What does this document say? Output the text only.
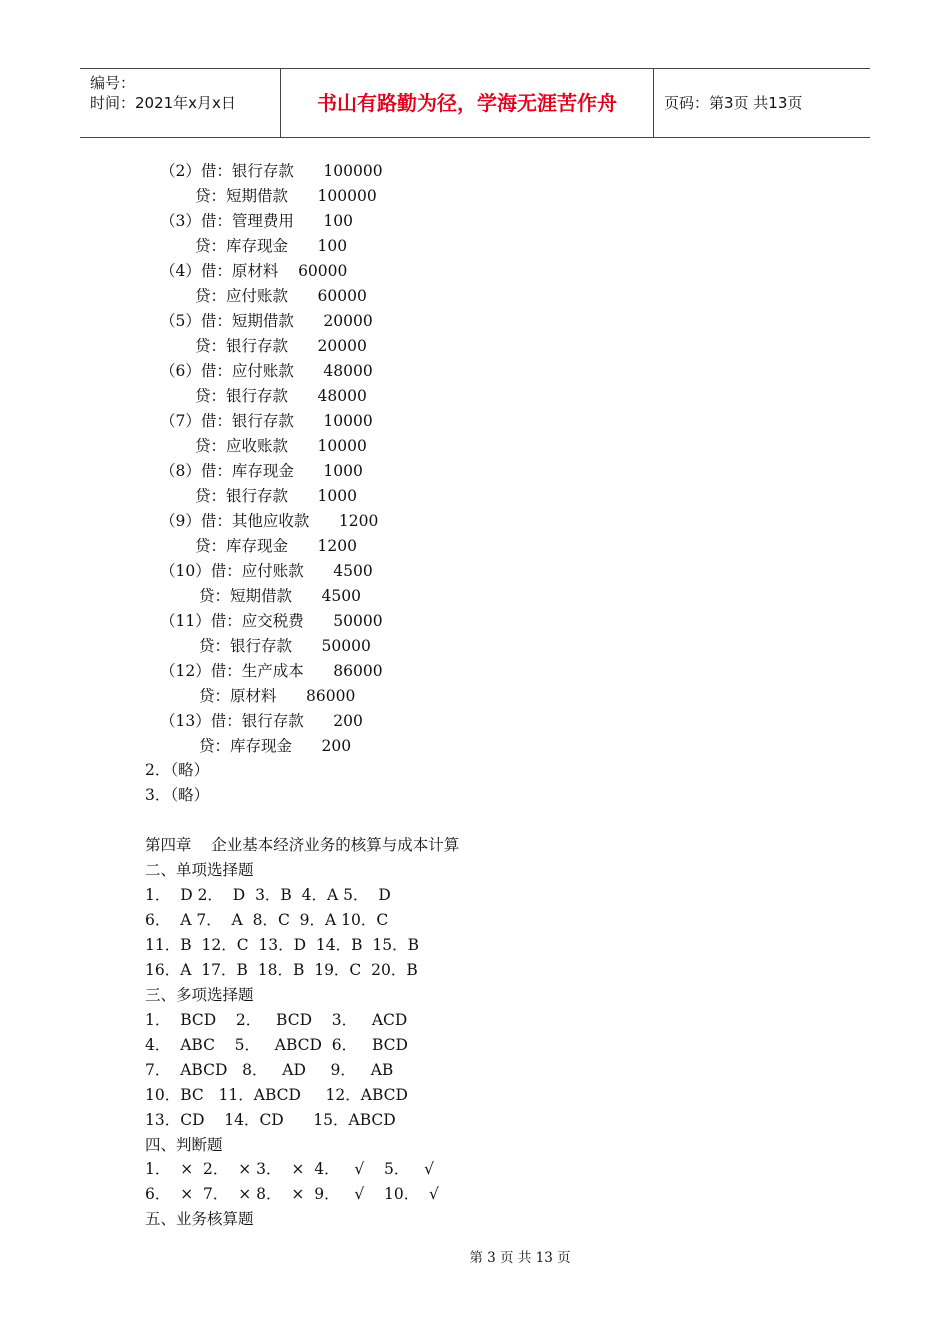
编号：
时间：2021年x月x日	书山有路勤为径，学海无涯苦作舟	页码：第3页 共13页
（2）借：银行存款      100000
贷：短期借款      100000
（3）借：管理费用      100
贷：库存现金      100
（4）借：原材料    60000
贷：应付账款      60000
（5）借：短期借款      20000
贷：银行存款      20000
（6）借：应付账款      48000
贷：银行存款      48000
（7）借：银行存款      10000
贷：应收账款      10000
（8）借：库存现金      1000
贷：银行存款      1000
（9）借：其他应收款      1200
贷：库存现金      1200
（10）借：应付账款      4500
贷：短期借款      4500
（11）借：应交税费      50000
贷：银行存款      50000
（12）借：生产成本      86000
贷：原材料      86000
（13）借：银行存款      200
贷：库存现金      200
2．（略）
3．（略）
第四章    企业基本经济业务的核算与成本计算
二、单项选择题
1．  D 2．  D  3．B  4．A 5．  D
6．  A 7．  A  8．C  9．A 10．C
11．B  12．C  13．D  14．B  15．B
16．A  17．B  18．B  19．C  20．B
三、多项选择题
1．  BCD    2．   BCD    3．   ACD
4．  ABC    5．   ABCD  6．   BCD
7．  ABCD   8．   AD     9．   AB
10．BC   11．ABCD     12．ABCD
13．CD    14．CD      15．ABCD
四、判断题
1．  ×  2．  × 3．  ×  4．   √    5．   √
6．  ×  7．  × 8．  ×  9．   √    10．  √
五、业务核算题
第 3 页 共 13 页
